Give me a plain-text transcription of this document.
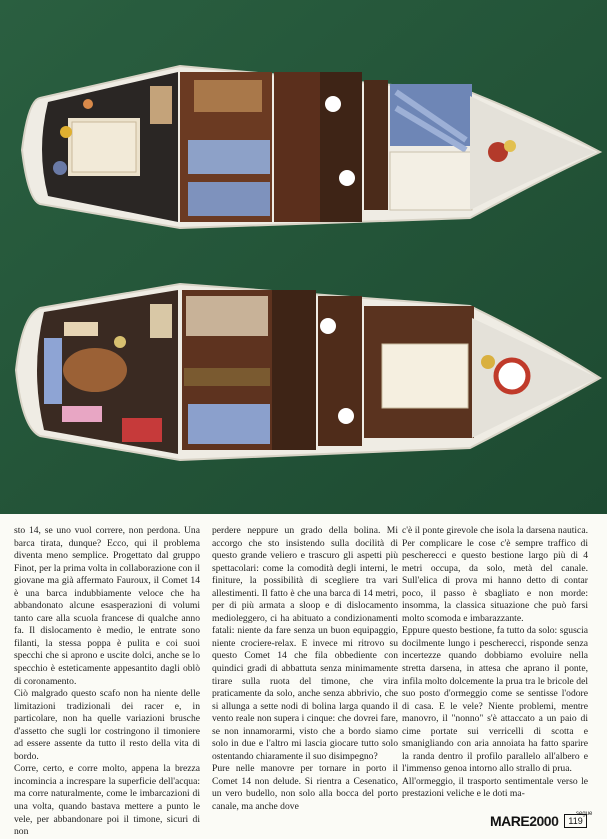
sto 14, se uno vuol correre, non perdona. Una barca tirata, dunque? Ecco, qui il problema diventa meno semplice. Progettato dal gruppo Finot, per la prima volta in collaborazione con il giovane ma già affermato Fauroux, il Comet 14 è una barca indubbiamente veloce che ha abbandonato alcune esasperazioni di volumi tanto care alla scuola francese di qualche anno fa. Il dislocamento è medio, le entrate sono filanti, la stessa poppa è pulita e coi suoi specchi che si aprono e uscite dolci, anche se lo specchio è esteticamente appesantito dagli oblò di coronamento.
Ciò malgrado questo scafo non ha niente delle limitazioni tradizionali dei racer e, in particolare, non ha quelle variazioni brusche d'assetto che sugli lor costringono il timoniere ad essere assente da tutto il resto della vita di bordo.
Corre, certo, e corre molto, appena la brezza incomincia a increspare la superficie dell'acqua: ma corre naturalmente, come le imbarcazioni di una volta, quando bastava mettere a punto le vele, per abbandonare poi il timone, sicuri di non

perdere neppure un grado della bolina. Mi accorgo che sto insistendo sulla docilità di questo grande veliero e trascuro gli aspetti più spettacolari: come la comodità degli interni, le finiture, la possibilità di scegliere tra vari allestimenti. Il fatto è che una barca di 14 metri, per di più armata a sloop e di dislocamento medioleggero, ci ha abituato a condizionamenti fatali: niente da fare senza un buon equipaggio, niente crociere-relax. E invece mi ritrovo su questo Comet 14 che fila obbediente con quindici gradi di abbattuta senza minimamente tirare sulla ruota del timone, che vira praticamente da solo, anche senza abbrivio, che si allunga a sette nodi di bolina larga quando il vento reale non supera i cinque: che dovrei fare, se non innamorarmi, visto che a bordo siamo solo in due e l'altro mi lascia giocare tutto solo ostentando chiaramente il suo disimpegno?
Pure nelle manovre per tornare in porto il Comet 14 non delude. Si rientra a Cesenatico, un vero budello, non solo alla bocca del porto canale, ma anche dove

c'è il ponte girevole che isola la darsena nautica. Per complicare le cose c'è sempre traffico di pescherecci e questo bestione largo più di 4 metri occupa, da solo, metà del canale. Sull'elica di prova mi hanno detto di contar poco, il passo è sbagliato e non morde: insomma, la classica situazione che può farsi molto scomoda e imbarazzante.
Eppure questo bestione, fa tutto da solo: sguscia docilmente lungo i pescherecci, risponde senza incertezze quando dobbiamo evoluire nella stretta darsena, in attesa che aprano il ponte, infila molto dolcemente la prua tra le bricole del suo posto d'ormeggio come se sentisse l'odore di casa. E le vele? Niente problemi, mentre manovro, il "nonno" s'è attaccato a un paio di cime portate sui verricelli di scotta e smanigliando con aria annoiata ha fatto sparire la randa dentro il profilo parallelo all'albero e l'immenso genoa intorno allo strallo di prua.
All'ormeggio, il trasporto sentimentale verso le prestazioni veliche e le doti ma-

segue
MARE2000	119
